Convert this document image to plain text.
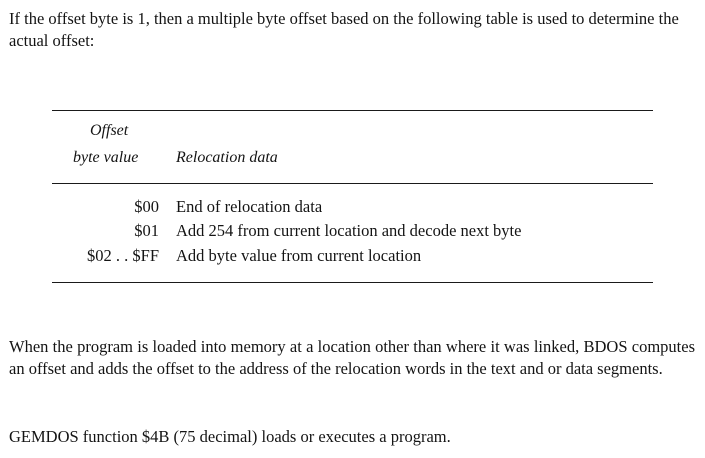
If the offset byte is 1, then a multiple byte offset based on the following table is used to determine the actual offset:

Offset
byte value Relocation data
$00 End of relocation data
$01 Add 254 from current location and decode next byte
$02 . . $FF Add byte value from current location

When the program is loaded into memory at a location other than where it was linked, BDOS computes an offset and adds the offset to the address of the relocation words in the text and or data segments.

GEMDOS function $4B (75 decimal) loads or executes a program.
